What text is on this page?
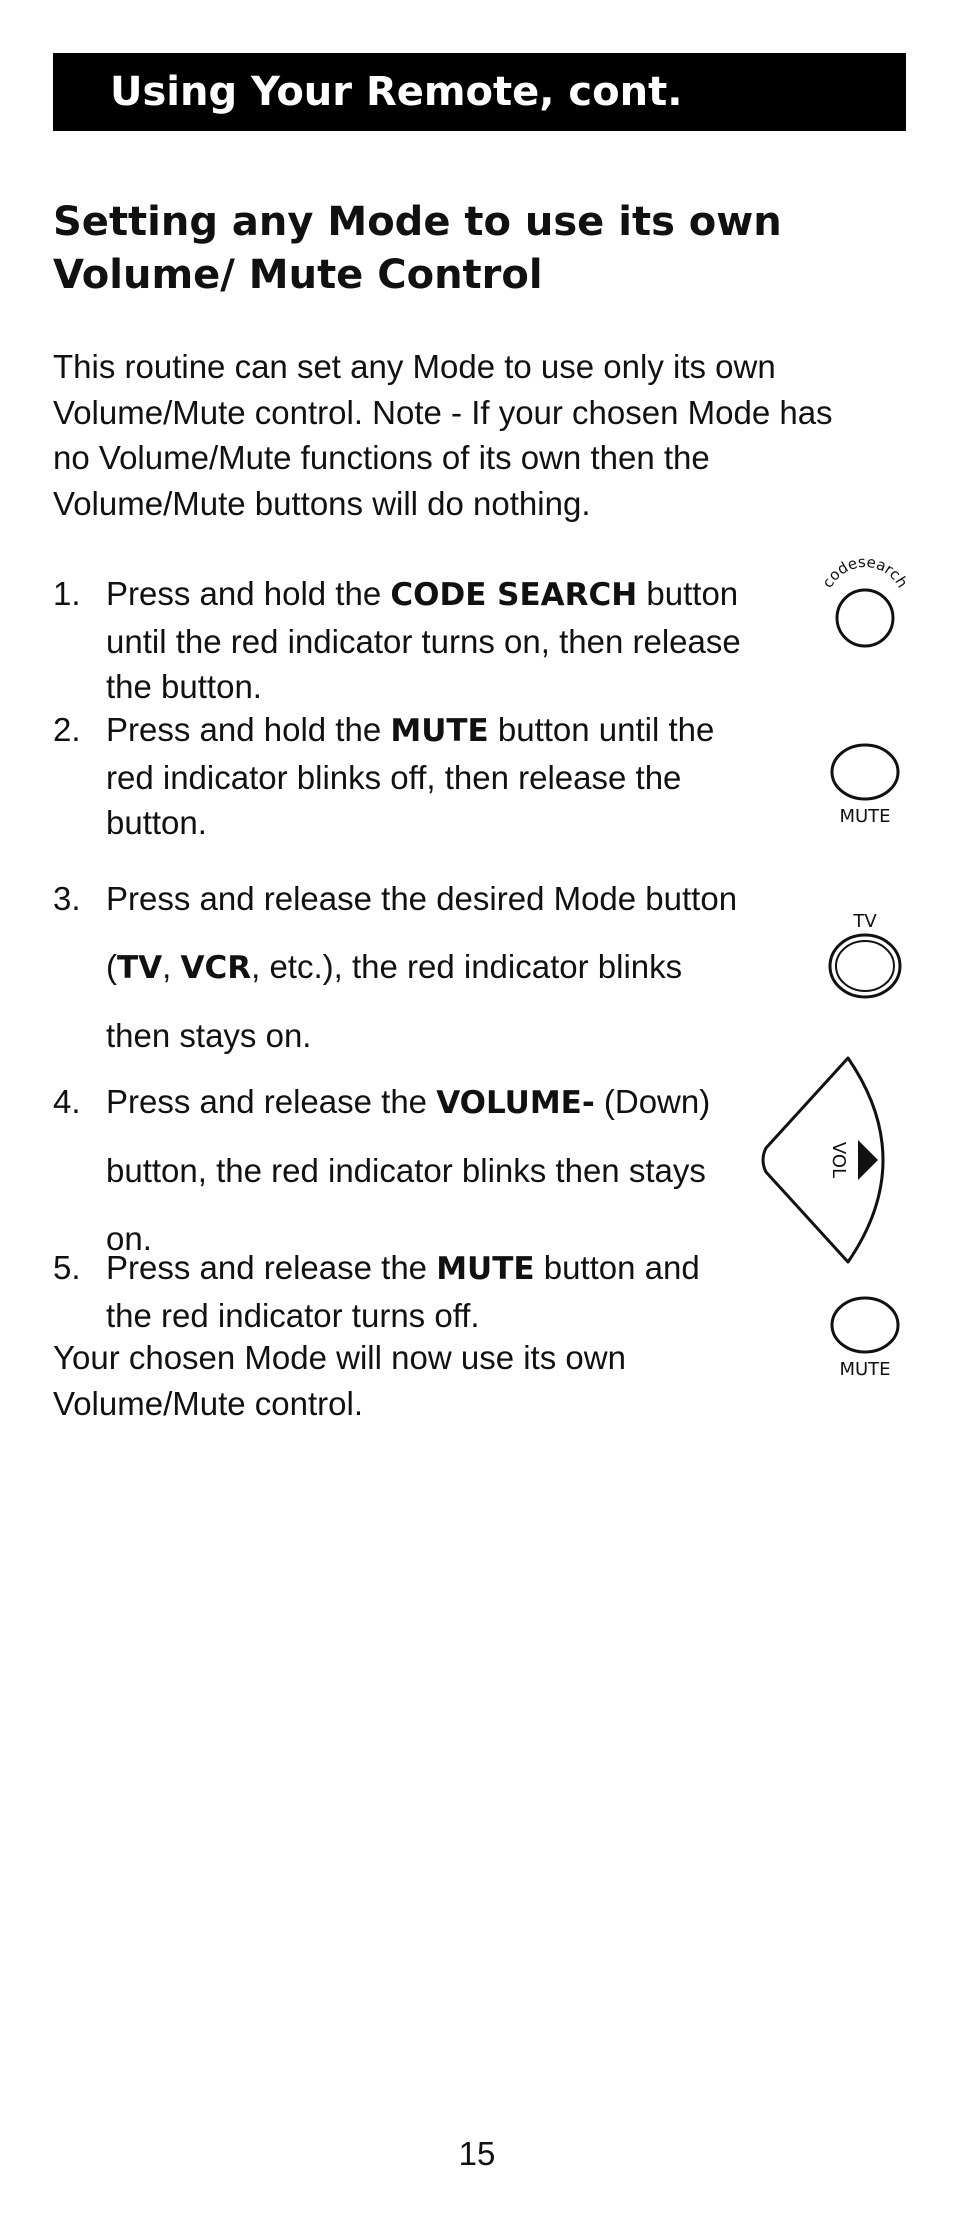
Using Your Remote, cont.
Setting any Mode to use its own Volume/ Mute Control

This routine can set any Mode to use only its own Volume/Mute control. Note - If your chosen Mode has no Volume/Mute functions of its own then the Volume/Mute buttons will do nothing.

1. Press and hold the CODE SEARCH button until the red indicator turns on, then release the button.
2. Press and hold the MUTE button until the red indicator blinks off, then release the button.
3. Press and release the desired Mode button (TV, VCR, etc.), the red indicator blinks then stays on.
4. Press and release the VOLUME- (Down) button, the red indicator blinks then stays on.
5. Press and release the MUTE button and the red indicator turns off.
Your chosen Mode will now use its own Volume/Mute control.
codesearch
MUTE
TV
VOL
MUTE
15
